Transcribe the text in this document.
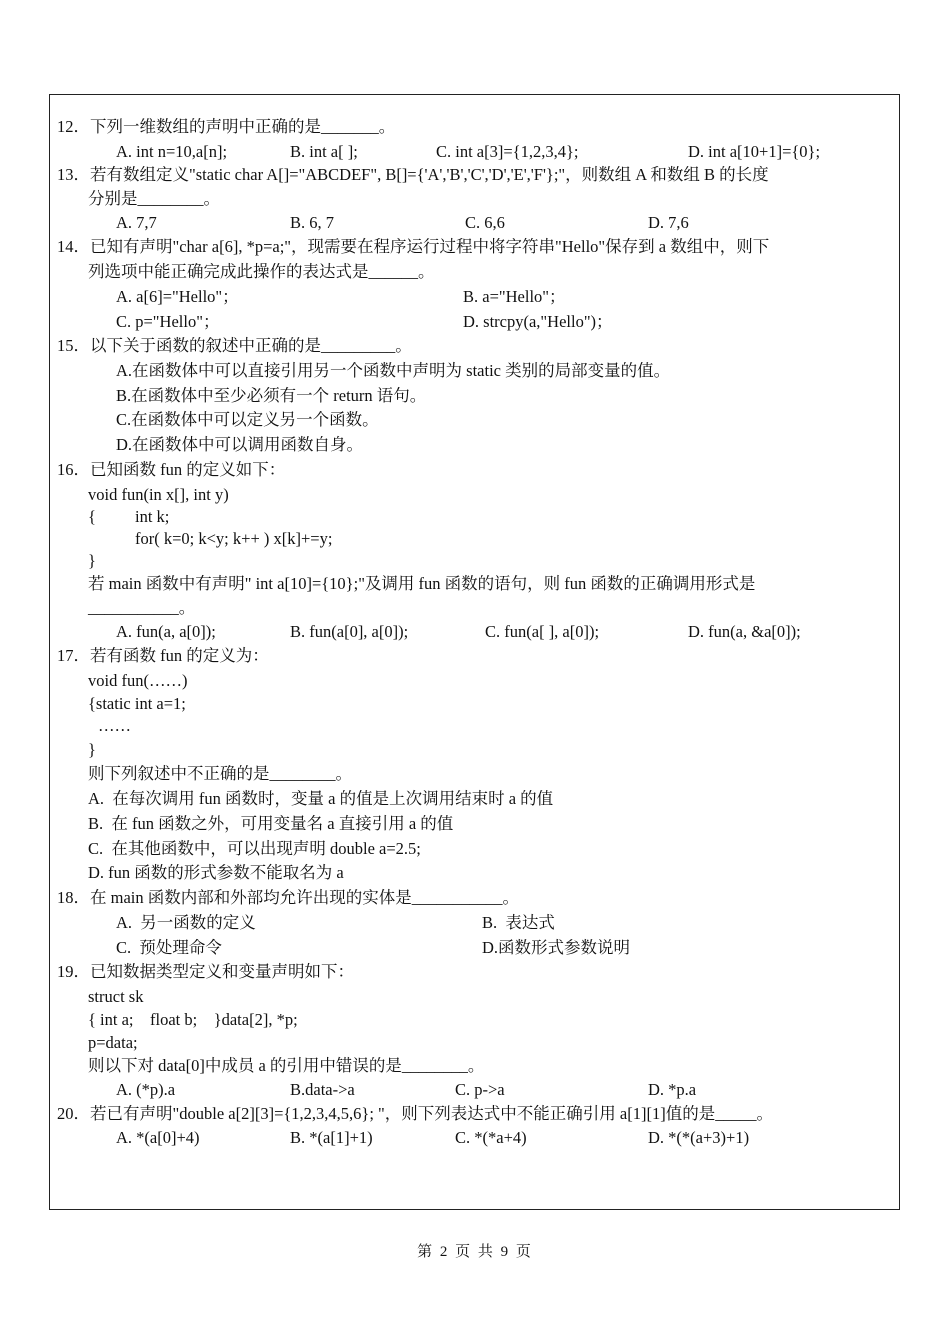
12．下列一维数组的声明中正确的是_______。
A. int n=10,a[n];	B. int a[ ];	C. int a[3]={1,2,3,4};	D. int a[10+1]={0};
13．若有数组定义"static char A[]="ABCDEF", B[]={'A','B','C','D','E','F'};"，则数组 A 和数组 B 的长度
分别是________。
A. 7,7	B. 6, 7	C. 6,6	D. 7,6
14．已知有声明"char a[6], *p=a;"，现需要在程序运行过程中将字符串"Hello"保存到 a 数组中，则下
列选项中能正确完成此操作的表达式是______。
A. a[6]="Hello"；	B. a="Hello"；
C. p="Hello"；	D. strcpy(a,"Hello")；
15．以下关于函数的叙述中正确的是_________。
A.在函数体中可以直接引用另一个函数中声明为 static 类别的局部变量的值。
B.在函数体中至少必须有一个 return 语句。
C.在函数体中可以定义另一个函数。
D.在函数体中可以调用函数自身。
16．已知函数 fun 的定义如下：
void fun(in x[], int y)
{ int k;
for( k=0; k<y; k++ ) x[k]+=y;
}
若 main 函数中有声明" int a[10]={10};"及调用 fun 函数的语句，则 fun 函数的正确调用形式是
___________。
A. fun(a, a[0]);	B. fun(a[0], a[0]);	C. fun(a[ ], a[0]);	D. fun(a, &a[0]);
17．若有函数 fun 的定义为：
void fun(……)
{static int a=1;
……
}
则下列叙述中不正确的是________。
A.  在每次调用 fun 函数时，变量 a 的值是上次调用结束时 a 的值
B.  在 fun 函数之外，可用变量名 a 直接引用 a 的值
C.  在其他函数中，可以出现声明 double a=2.5;
D. fun 函数的形式参数不能取名为 a
18．在 main 函数内部和外部均允许出现的实体是___________。
A.  另一函数的定义	B.  表达式
C.  预处理命令	D.函数形式参数说明
19．已知数据类型定义和变量声明如下：
struct sk
{ int a;    float b;    }data[2], *p;
p=data;
则以下对 data[0]中成员 a 的引用中错误的是________。
A. (*p).a	B.data->a	C. p->a	D. *p.a
20．若已有声明"double a[2][3]={1,2,3,4,5,6}; "，则下列表达式中不能正确引用 a[1][1]值的是_____。
A. *(a[0]+4)	B. *(a[1]+1)	C. *(*a+4)	D. *(*(a+3)+1)
第 2 页 共 9 页
